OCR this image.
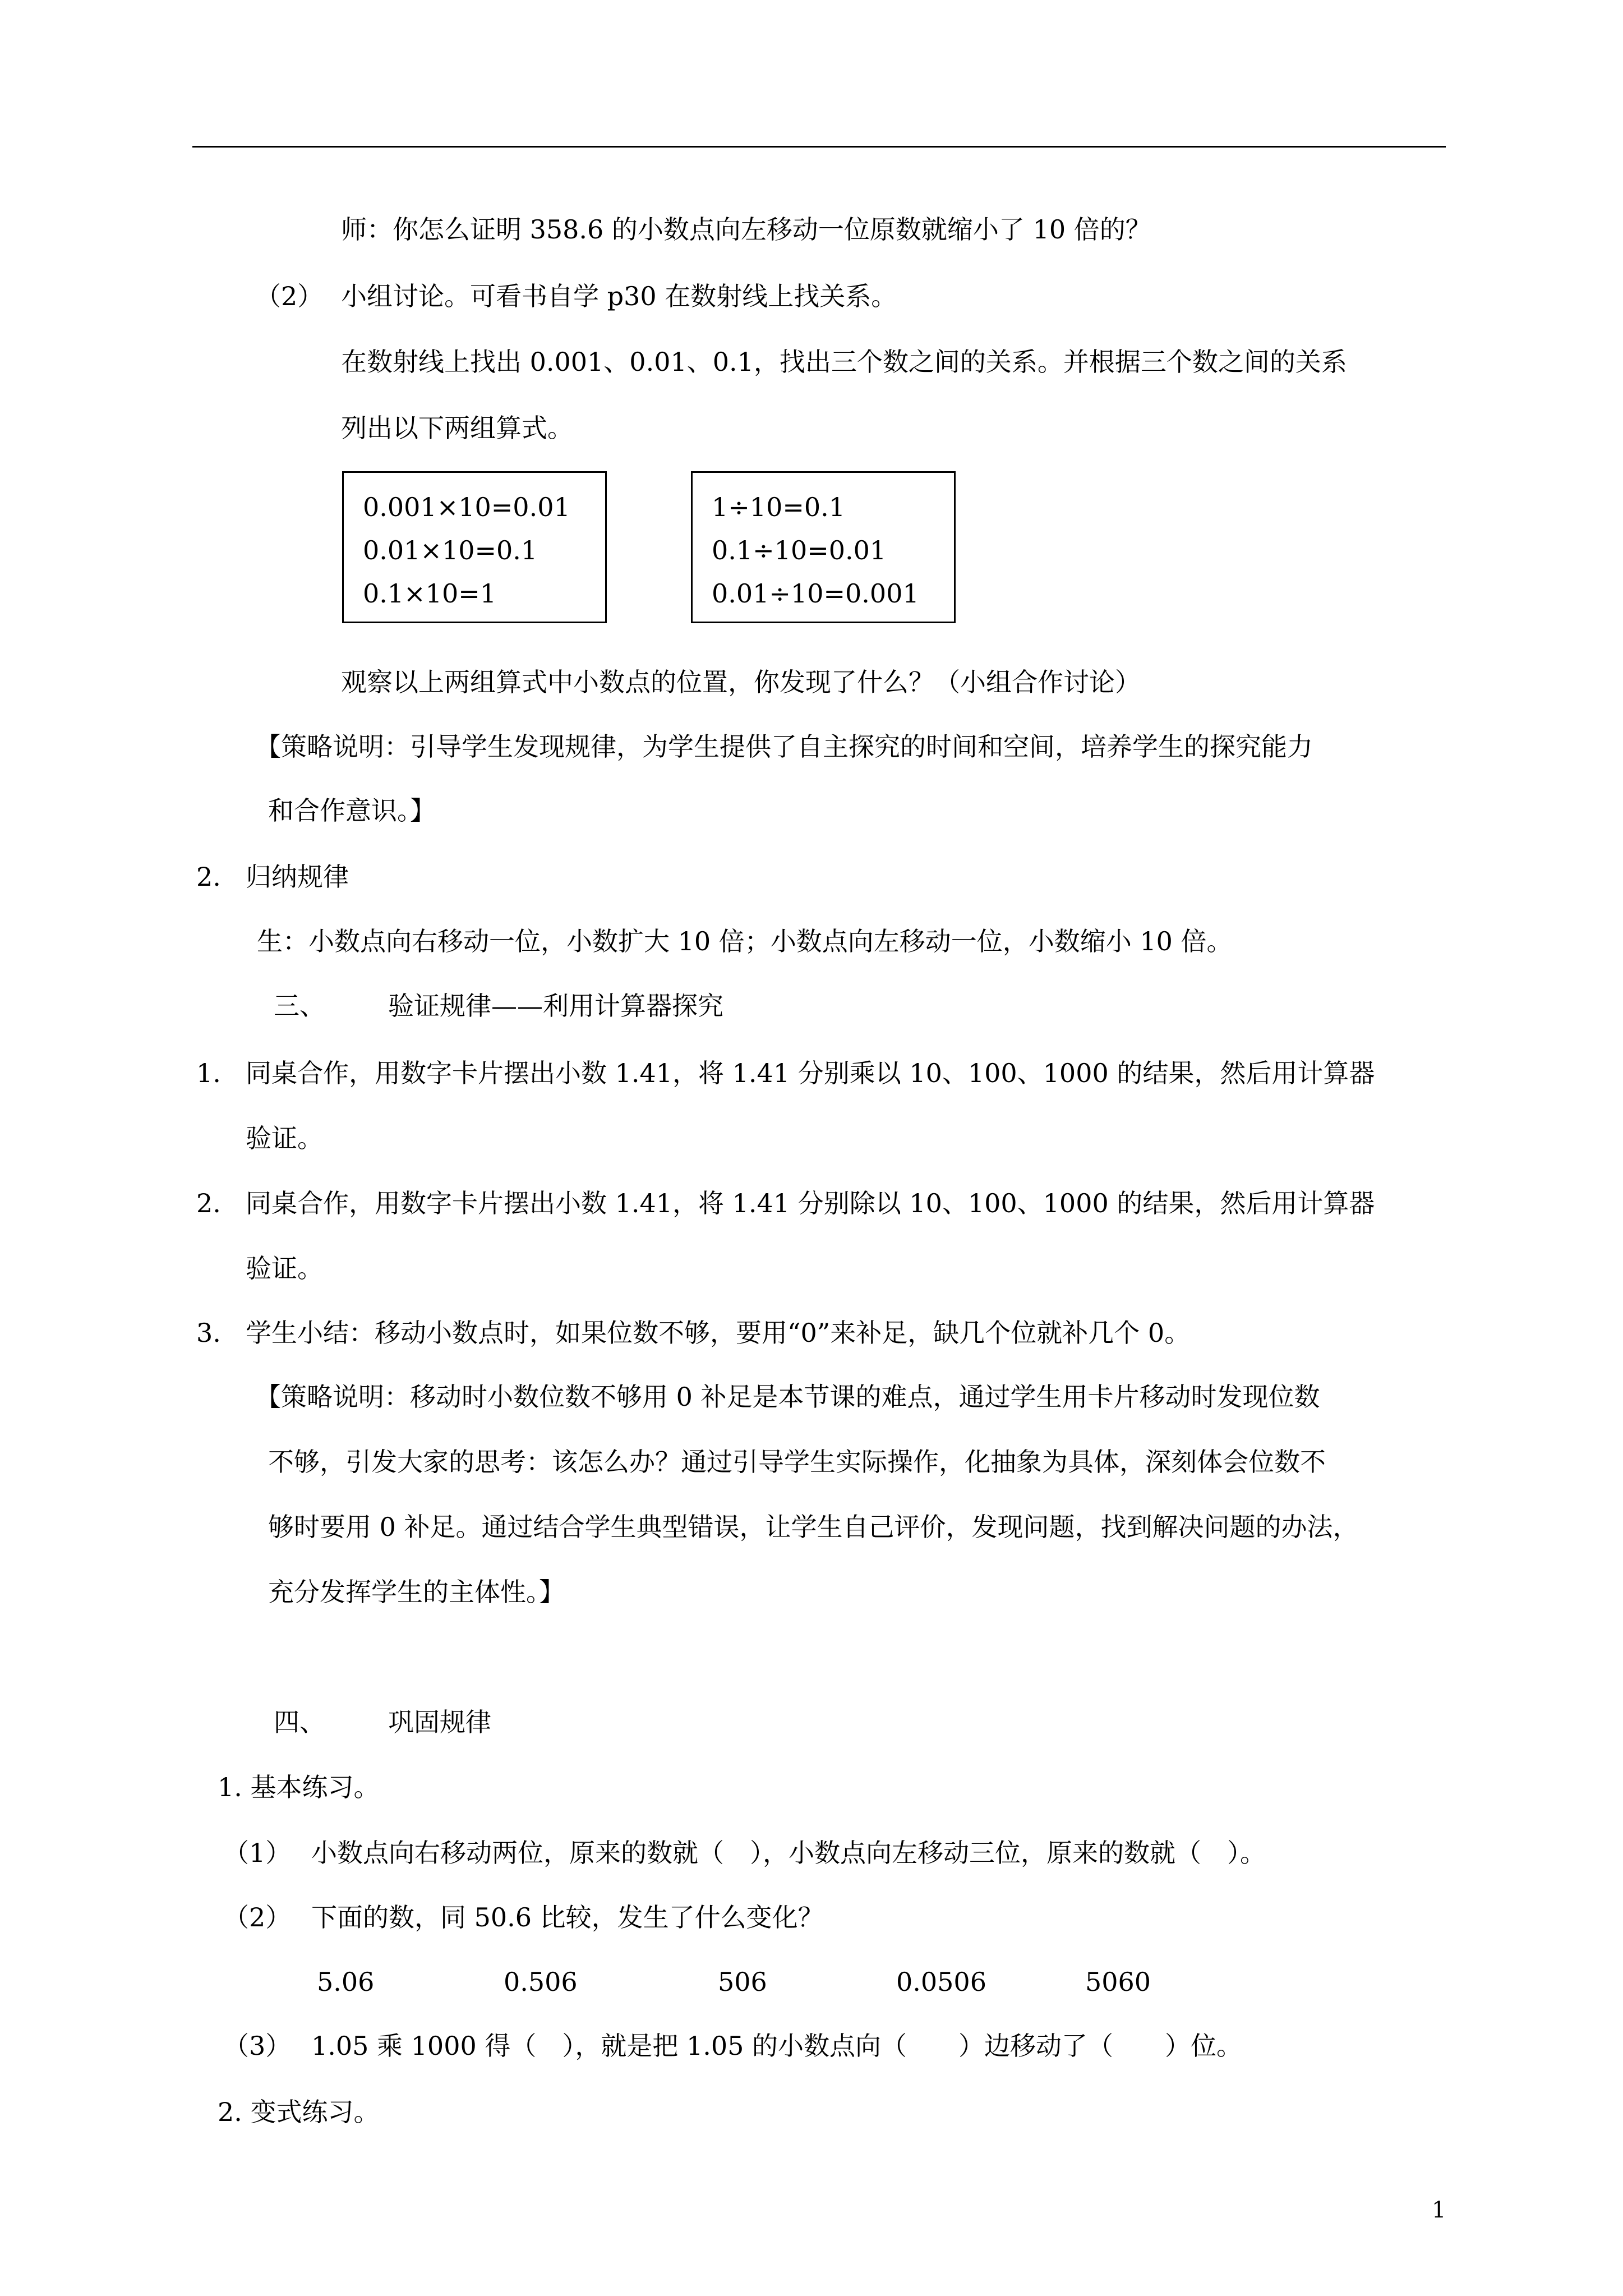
师：你怎么证明 358.6 的小数点向左移动一位原数就缩小了 10 倍的？
（2） 小组讨论。可看书自学 p30 在数射线上找关系。
在数射线上找出 0.001、0.01、0.1，找出三个数之间的关系。并根据三个数之间的关系
列出以下两组算式。
0.001×10=0.01
0.01×10=0.1
0.1×10=1
1÷10=0.1
0.1÷10=0.01
0.01÷10=0.001
观察以上两组算式中小数点的位置，你发现了什么？（小组合作讨论）
【策略说明：引导学生发现规律，为学生提供了自主探究的时间和空间，培养学生的探究能力
和合作意识。】
2. 归纳规律
生：小数点向右移动一位，小数扩大 10 倍；小数点向左移动一位，小数缩小 10 倍。
三、 验证规律——利用计算器探究
1. 同桌合作，用数字卡片摆出小数 1.41，将 1.41 分别乘以 10、100、1000 的结果，然后用计算器
验证。
2. 同桌合作，用数字卡片摆出小数 1.41，将 1.41 分别除以 10、100、1000 的结果，然后用计算器
验证。
3. 学生小结：移动小数点时，如果位数不够，要用“0”来补足，缺几个位就补几个 0。
【策略说明：移动时小数位数不够用 0 补足是本节课的难点，通过学生用卡片移动时发现位数
不够，引发大家的思考：该怎么办？通过引导学生实际操作，化抽象为具体，深刻体会位数不
够时要用 0 补足。通过结合学生典型错误，让学生自己评价，发现问题，找到解决问题的办法，
充分发挥学生的主体性。】
四、 巩固规律
1. 基本练习。
（1） 小数点向右移动两位，原来的数就（　），小数点向左移动三位，原来的数就（　）。
（2） 下面的数，同 50.6 比较，发生了什么变化？
5.06	0.506	506	0.0506	5060
（3） 1.05 乘 1000 得（　），就是把 1.05 的小数点向（　　）边移动了（　　）位。
2. 变式练习。
1
